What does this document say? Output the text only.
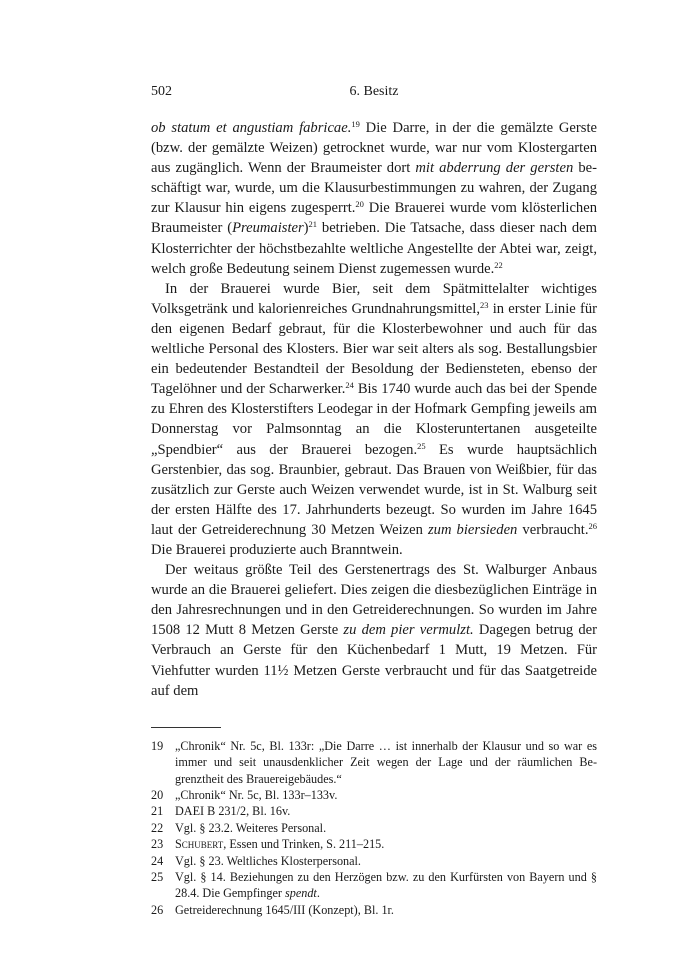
502	6. Besitz

ob statum et angustiam fabricae.$^{19}$ Die Darre, in der die gemälzte Gerste (bzw. der gemälzte Weizen) getrocknet wurde, war nur vom Klostergarten aus zugänglich. Wenn der Braumeister dort mit abderrung der gersten beschäftigt war, wurde, um die Klausurbestimmungen zu wahren, der Zugang zur Klausur hin eigens zugesperrt.$^{20}$ Die Brauerei wurde vom klösterlichen Braumeister (Preumaister)$^{21}$ betrieben. Die Tatsache, dass dieser nach dem Klosterrichter der höchstbezahlte weltliche Angestellte der Abtei war, zeigt, welch große Bedeutung seinem Dienst zugemessen wurde.$^{22}$

In der Brauerei wurde Bier, seit dem Spätmittelalter wichtiges Volksgetränk und kalorienreiches Grundnahrungsmittel,$^{23}$ in erster Linie für den eigenen Bedarf gebraut, für die Klosterbewohner und auch für das weltliche Personal des Klosters. Bier war seit alters als sog. Bestallungsbier ein bedeutender Bestandteil der Besoldung der Bediensteten, ebenso der Tagelöhner und der Scharwerker.$^{24}$ Bis 1740 wurde auch das bei der Spende zu Ehren des Klosterstifters Leodegar in der Hofmark Gempfing jeweils am Donnerstag vor Palmsonntag an die Klosteruntertanen ausgeteilte „Spendbier“ aus der Brauerei bezogen.$^{25}$ Es wurde hauptsächlich Gerstenbier, das sog. Braunbier, gebraut. Das Brauen von Weißbier, für das zusätzlich zur Gerste auch Weizen verwendet wurde, ist in St. Walburg seit der ersten Hälfte des 17. Jahrhunderts bezeugt. So wurden im Jahre 1645 laut der Getreiderechnung 30 Metzen Weizen zum biersieden verbraucht.$^{26}$ Die Brauerei produzierte auch Branntwein.

Der weitaus größte Teil des Gerstenertrags des St. Walburger Anbaus wurde an die Brauerei geliefert. Dies zeigen die diesbezüglichen Einträge in den Jahresrechnungen und in den Getreiderechnungen. So wurden im Jahre 1508 12 Mutt 8 Metzen Gerste zu dem pier vermulzt. Dagegen betrug der Verbrauch an Gerste für den Küchenbedarf 1 Mutt, 19 Metzen. Für Viehfutter wurden 11½ Metzen Gerste verbraucht und für das Saatgetreide auf dem

19 „Chronik“ Nr. 5c, Bl. 133r: „Die Darre … ist innerhalb der Klausur und so war es immer und seit unausdenklicher Zeit wegen der Lage und der räumlichen Begrenztheit des Brauereigebäudes.“
20 „Chronik“ Nr. 5c, Bl. 133r–133v.
21 DAEI B 231/2, Bl. 16v.
22 Vgl. § 23.2. Weiteres Personal.
23 Schubert, Essen und Trinken, S. 211–215.
24 Vgl. § 23. Weltliches Klosterpersonal.
25 Vgl. § 14. Beziehungen zu den Herzögen bzw. zu den Kurfürsten von Bayern und § 28.4. Die Gempfinger spendt.
26 Getreiderechnung 1645/III (Konzept), Bl. 1r.
